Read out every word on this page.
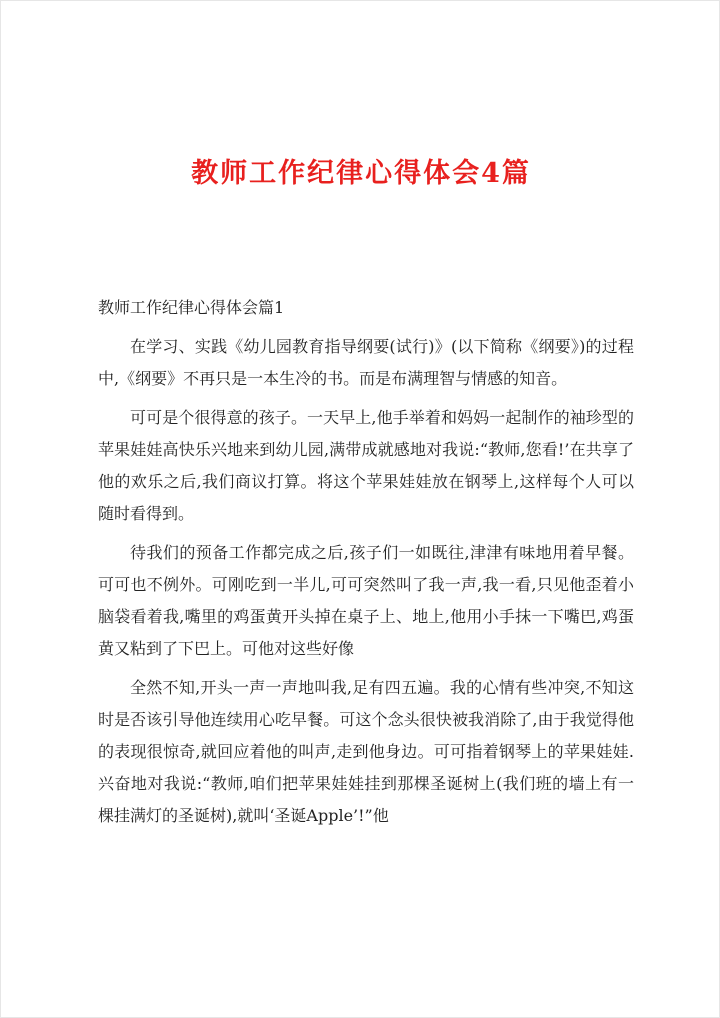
教师工作纪律心得体会4篇

教师工作纪律心得体会篇1

在学习、实践《幼儿园教育指导纲要(试行)》(以下简称《纲要》)的过程中,《纲要》不再只是一本生冷的书。而是布满理智与情感的知音。

可可是个很得意的孩子。一天早上,他手举着和妈妈一起制作的袖珍型的苹果娃娃高快乐兴地来到幼儿园,满带成就感地对我说:“教师,您看!’在共享了他的欢乐之后,我们商议打算。将这个苹果娃娃放在钢琴上,这样每个人可以随时看得到。

待我们的预备工作都完成之后,孩子们一如既往,津津有味地用着早餐。可可也不例外。可刚吃到一半儿,可可突然叫了我一声,我一看,只见他歪着小脑袋看着我,嘴里的鸡蛋黄开头掉在桌子上、地上,他用小手抹一下嘴巴,鸡蛋黄又粘到了下巴上。可他对这些好像

全然不知,开头一声一声地叫我,足有四五遍。我的心情有些冲突,不知这时是否该引导他连续用心吃早餐。可这个念头很快被我消除了,由于我觉得他的表现很惊奇,就回应着他的叫声,走到他身边。可可指着钢琴上的苹果娃娃.兴奋地对我说:“教师,咱们把苹果娃娃挂到那棵圣诞树上(我们班的墙上有一棵挂满灯的圣诞树),就叫‘圣诞Apple’!”他
